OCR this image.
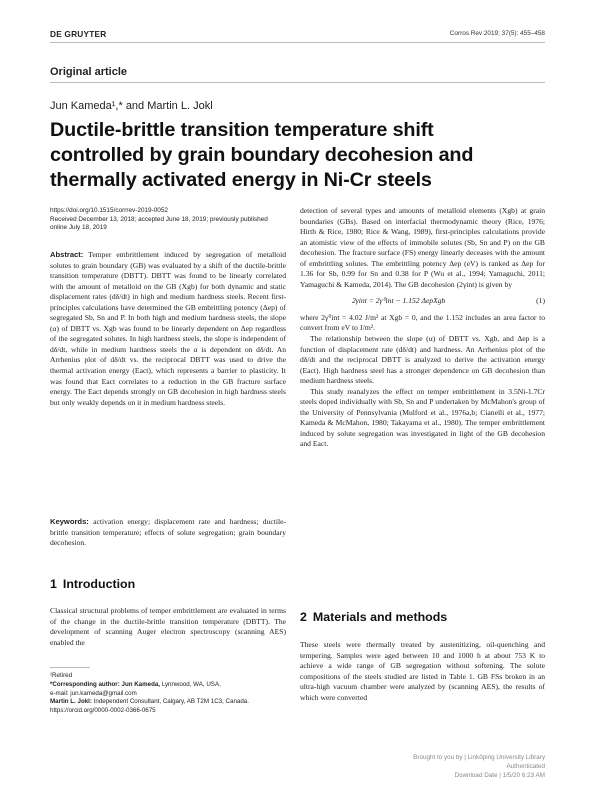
DE GRUYTER	Corros Rev 2019; 37(5): 455–458
Original article
Jun Kameda¹,* and Martin L. Jokl
Ductile-brittle transition temperature shift controlled by grain boundary decohesion and thermally activated energy in Ni-Cr steels
https://doi.org/10.1515/corrrev-2019-0052
Received December 13, 2018; accepted June 18, 2019; previously published online July 18, 2019

Abstract: Temper embrittlement induced by segregation of metalloid solutes to grain boundary (GB) was evaluated by a shift of the ductile-brittle transition temperature (DBTT). DBTT was found to be linearly correlated with the amount of metalloid on the GB (Xgb) for both dynamic and static displacement rates (dδ/dt) in high and medium hardness steels. Recent first-principles calculations have determined the GB embrittling potency (Δep) of segregated Sb, Sn and P. In both high and medium hardness steels, the slope (α) of DBTT vs. Xgb was found to be linearly dependent on Δep regardless of the segregated solutes. In high hardness steels, the slope is independent of dδ/dt, while in medium hardness steels the α is dependent on dδ/dt. An Arrhenius plot of dδ/dt vs. the reciprocal DBTT was used to drive the thermal activation energy (Eact), which represents a barrier to plasticity. It was found that Eact correlates to a reduction in the GB fracture surface energy. The Eact depends strongly on GB decohesion in high hardness steels but only weakly depends on it in medium hardness steels.

Keywords: activation energy; displacement rate and hardness; ductile-brittle transition temperature; effects of solute segregation; grain boundary decohesion.

1 Introduction

Classical structural problems of temper embrittlement are evaluated in terms of the change in the ductile-brittle transition temperature (DBTT). The development of scanning Auger electron spectroscopy (scanning AES) enabled the

¹Retired
*Corresponding author: Jun Kameda, Lynnwood, WA, USA,
e-mail: jun.kameda@gmail.com
Martin L. Jokl: Independent Consultant, Calgary, AB T2M 1C3, Canada. https://orcid.org/0000-0002-0366-0675

detection of several types and amounts of metalloid elements (Xgb) at grain boundaries (GBs). Based on interfacial thermodynamic theory (Rice, 1976; Hirth & Rice, 1980; Rice & Wang, 1989), first-principles calculations provide an atomistic view of the effects of immobile solutes (Sb, Sn and P) on the GB decohesion. The fracture surface (FS) energy linearly deceases with the amount of embrittling solutes. The embrittling potency Δep (eV) is ranked as Δep for 1.36 for Sb, 0.99 for Sn and 0.38 for P (Wu et al., 1994; Yamaguchi, 2011; Yamaguchi & Kameda, 2014). The GB decohesion (2γint) is given by

2γint = 2γ⁰int − 1.152 ΔepXgb	(1)

where 2γ⁰int = 4.02 J/m² at Xgb = 0, and the 1.152 includes an area factor to convert from eV to J/m².

The relationship between the slope (α) of DBTT vs. Xgb, and Δep is a function of displacement rate (dδ/dt) and hardness. An Arrhenius plot of the dδ/dt and the reciprocal DBTT is analyzed to derive the activation energy (Eact). High hardness steel has a stronger dependence on GB decohesion than medium hardness steels.

This study reanalyzes the effect on temper embrittlement in 3.5Ni-1.7Cr steels doped individually with Sb, Sn and P undertaken by McMahon's group of the University of Pennsylvania (Mulford et al., 1976a,b; Cianelli et al., 1977; Kameda & McMahon, 1980; Takayama et al., 1980). The temper embrittlement induced by solute segregation was investigated in light of the GB decohesion and Eact.

2 Materials and methods

These steels were thermally treated by austenitizing, oil-quenching and tempering. Samples were aged between 10 and 1000 h at about 753 K to achieve a wide range of GB segregation without softening. The solute compositions of the steels studied are listed in Table 1. GB FSs broken in an ultra-high vacuum chamber were analyzed by (scanning AES), the results of which were converted

Brought to you by | Linköping University Library
Authenticated
Download Date | 1/5/20 6:23 AM
